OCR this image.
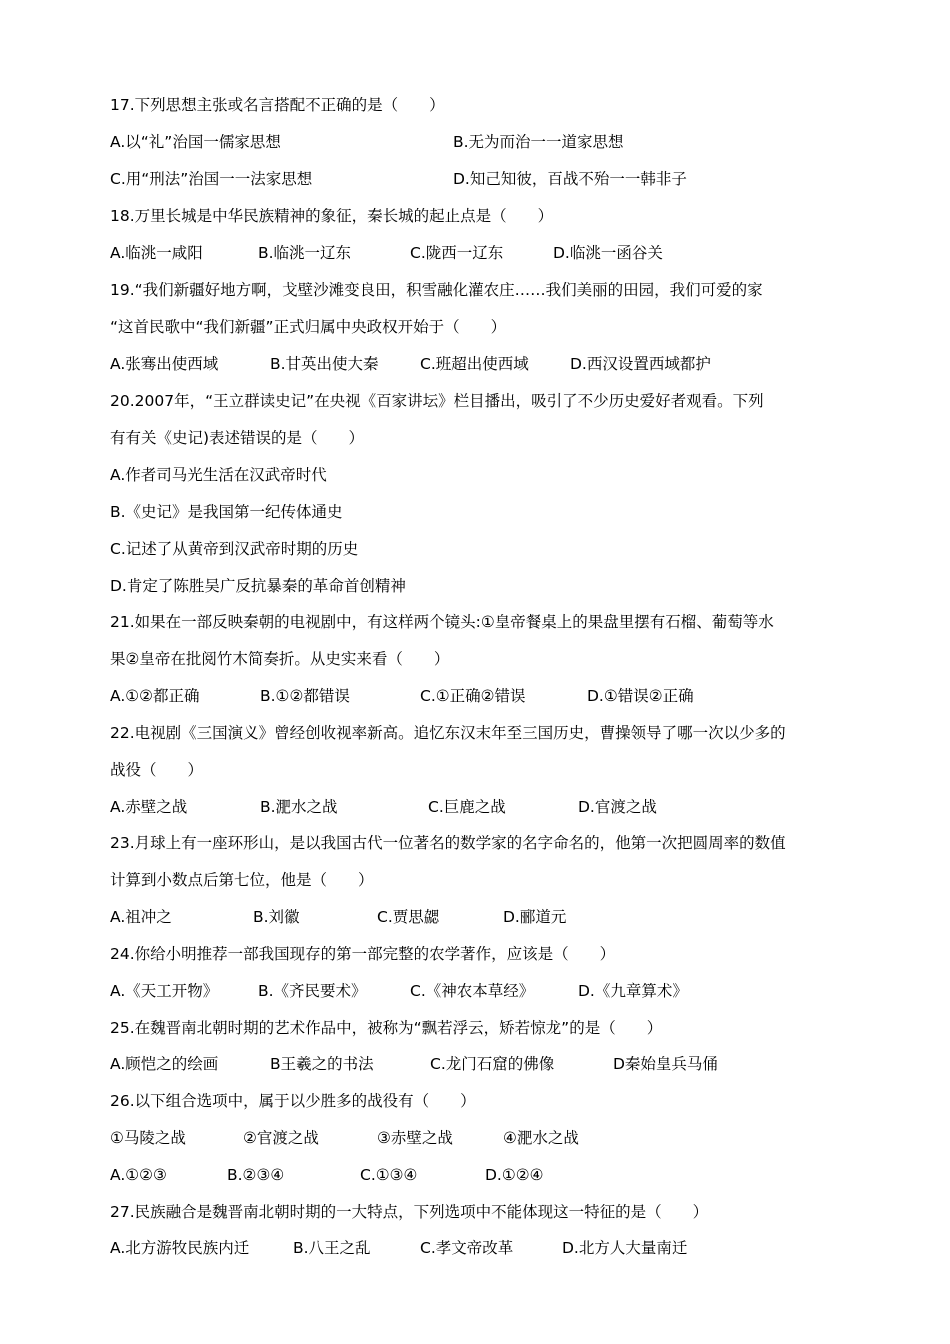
17.下列思想主张或名言搭配不正确的是（　　）
A.以“礼”治国一儒家思想	B.无为而治一一道家思想
C.用“刑法”治国一一法家思想	D.知己知彼，百战不殆一一韩非子
18.万里长城是中华民族精神的象征，秦长城的起止点是（　　）
A.临洮一咸阳	B.临洮一辽东	C.陇西一辽东	D.临洮一函谷关
19.“我们新疆好地方啊，戈壁沙滩变良田，积雪融化灌农庄……我们美丽的田园，我们可爱的家
“这首民歌中“我们新疆”正式归属中央政权开始于（　　）
A.张骞出使西域	B.甘英出使大秦	C.班超出使西域	D.西汉设置西域都护
20.2007年，“王立群读史记”在央视《百家讲坛》栏目播出，吸引了不少历史爱好者观看。下列
有有关《史记)表述错误的是（　　）
A.作者司马光生活在汉武帝时代
B.《史记》是我国第一纪传体通史
C.记述了从黄帝到汉武帝时期的历史
D.肯定了陈胜吴广反抗暴秦的革命首创精神
21.如果在一部反映秦朝的电视剧中，有这样两个镜头:①皇帝餐桌上的果盘里摆有石榴、葡萄等水
果②皇帝在批阅竹木简奏折。从史实来看（　　）
A.①②都正确	B.①②都错误	C.①正确②错误	D.①错误②正确
22.电视剧《三国演义》曾经创收视率新高。追忆东汉末年至三国历史，曹操领导了哪一次以少多的
战役（　　）
A.赤壁之战	B.淝水之战	C.巨鹿之战	D.官渡之战
23.月球上有一座环形山，是以我国古代一位著名的数学家的名字命名的，他第一次把圆周率的数值
计算到小数点后第七位，他是（　　）
A.祖冲之	B.刘徽	C.贾思勰	D.郦道元
24.你给小明推荐一部我国现存的第一部完整的农学著作，应该是（　　）
A.《天工开物》	B.《齐民要术》	C.《神农本草经》	D.《九章算术》
25.在魏晋南北朝时期的艺术作品中，被称为“飘若浮云，矫若惊龙”的是（　　）
A.顾恺之的绘画	B王羲之的书法	C.龙门石窟的佛像	D秦始皇兵马俑
26.以下组合选项中，属于以少胜多的战役有（　　）
①马陵之战	②官渡之战	③赤壁之战	④淝水之战
A.①②③	B.②③④	C.①③④	D.①②④
27.民族融合是魏晋南北朝时期的一大特点，下列选项中不能体现这一特征的是（　　）
A.北方游牧民族内迁	B.八王之乱	C.孝文帝改革	D.北方人大量南迁
